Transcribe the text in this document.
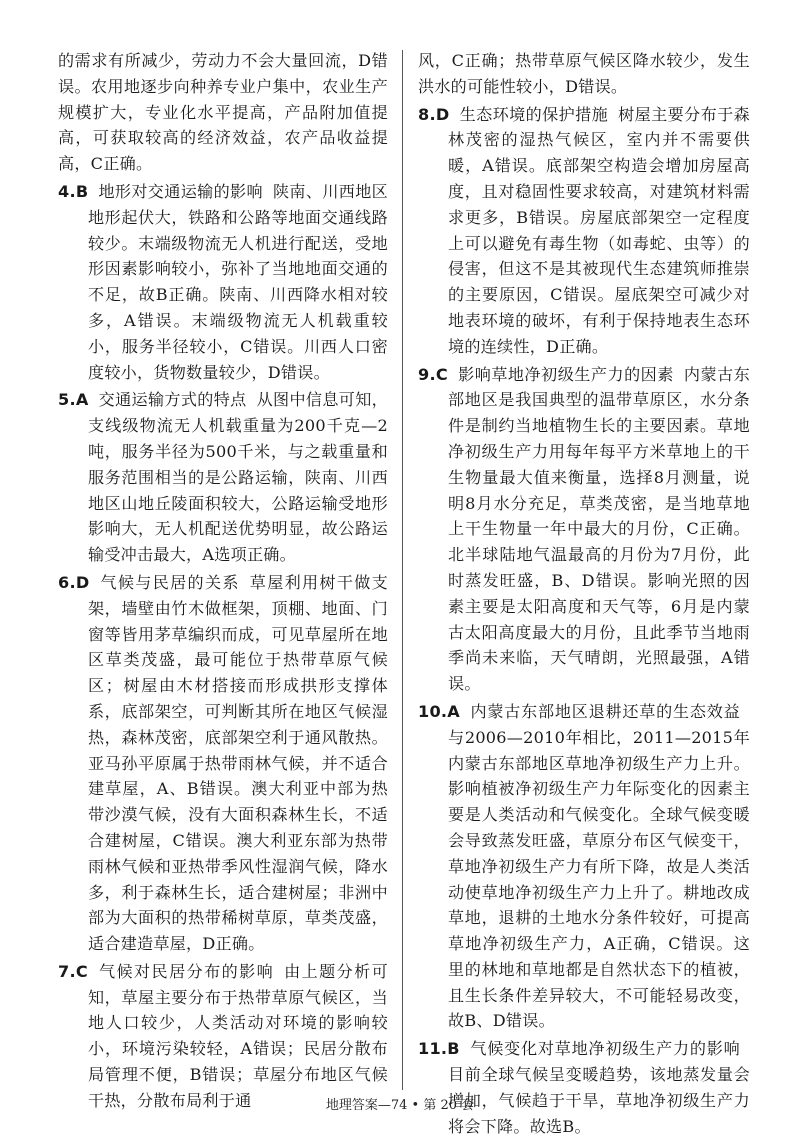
的需求有所减少，劳动力不会大量回流，D错误。农用地逐步向种养专业户集中，农业生产规模扩大，专业化水平提高，产品附加值提高，可获取较高的经济效益，农产品收益提高，C正确。

4.B 地形对交通运输的影响 陕南、川西地区地形起伏大，铁路和公路等地面交通线路较少。末端级物流无人机进行配送，受地形因素影响较小，弥补了当地地面交通的不足，故B正确。陕南、川西降水相对较多，A错误。末端级物流无人机载重较小，服务半径较小，C错误。川西人口密度较小，货物数量较少，D错误。

5.A 交通运输方式的特点 从图中信息可知，支线级物流无人机载重量为200千克—2吨，服务半径为500千米，与之载重量和服务范围相当的是公路运输，陕南、川西地区山地丘陵面积较大，公路运输受地形影响大，无人机配送优势明显，故公路运输受冲击最大，A选项正确。

6.D 气候与民居的关系 草屋利用树干做支架，墙壁由竹木做框架，顶棚、地面、门窗等皆用茅草编织而成，可见草屋所在地区草类茂盛，最可能位于热带草原气候区；树屋由木材搭接而形成拱形支撑体系，底部架空，可判断其所在地区气候湿热，森林茂密，底部架空利于通风散热。亚马孙平原属于热带雨林气候，并不适合建草屋，A、B错误。澳大利亚中部为热带沙漠气候，没有大面积森林生长，不适合建树屋，C错误。澳大利亚东部为热带雨林气候和亚热带季风性湿润气候，降水多，利于森林生长，适合建树屋；非洲中部为大面积的热带稀树草原，草类茂盛，适合建造草屋，D正确。

7.C 气候对民居分布的影响 由上题分析可知，草屋主要分布于热带草原气候区，当地人口较少，人类活动对环境的影响较小，环境污染较轻，A错误；民居分散布局管理不便，B错误；草屋分布地区气候干热，分散布局利于通

风，C正确；热带草原气候区降水较少，发生洪水的可能性较小，D错误。

8.D 生态环境的保护措施 树屋主要分布于森林茂密的湿热气候区，室内并不需要供暖，A错误。底部架空构造会增加房屋高度，且对稳固性要求较高，对建筑材料需求更多，B错误。房屋底部架空一定程度上可以避免有毒生物（如毒蛇、虫等）的侵害，但这不是其被现代生态建筑师推崇的主要原因，C错误。屋底架空可减少对地表环境的破坏，有利于保持地表生态环境的连续性，D正确。

9.C 影响草地净初级生产力的因素 内蒙古东部地区是我国典型的温带草原区，水分条件是制约当地植物生长的主要因素。草地净初级生产力用每年每平方米草地上的干生物量最大值来衡量，选择8月测量，说明8月水分充足，草类茂密，是当地草地上干生物量一年中最大的月份，C正确。北半球陆地气温最高的月份为7月份，此时蒸发旺盛，B、D错误。影响光照的因素主要是太阳高度和天气等，6月是内蒙古太阳高度最大的月份，且此季节当地雨季尚未来临，天气晴朗，光照最强，A错误。

10.A 内蒙古东部地区退耕还草的生态效益与2006—2010年相比，2011—2015年内蒙古东部地区草地净初级生产力上升。影响植被净初级生产力年际变化的因素主要是人类活动和气候变化。全球气候变暖会导致蒸发旺盛，草原分布区气候变干，草地净初级生产力有所下降，故是人类活动使草地净初级生产力上升了。耕地改成草地，退耕的土地水分条件较好，可提高草地净初级生产力，A正确，C错误。这里的林地和草地都是自然状态下的植被，且生长条件差异较大，不可能轻易改变，故B、D错误。

11.B 气候变化对草地净初级生产力的影响目前全球气候呈变暖趋势，该地蒸发量会增加，气候趋于干旱，草地净初级生产力将会下降。故选B。

地理答案—74 • 第 20 套
